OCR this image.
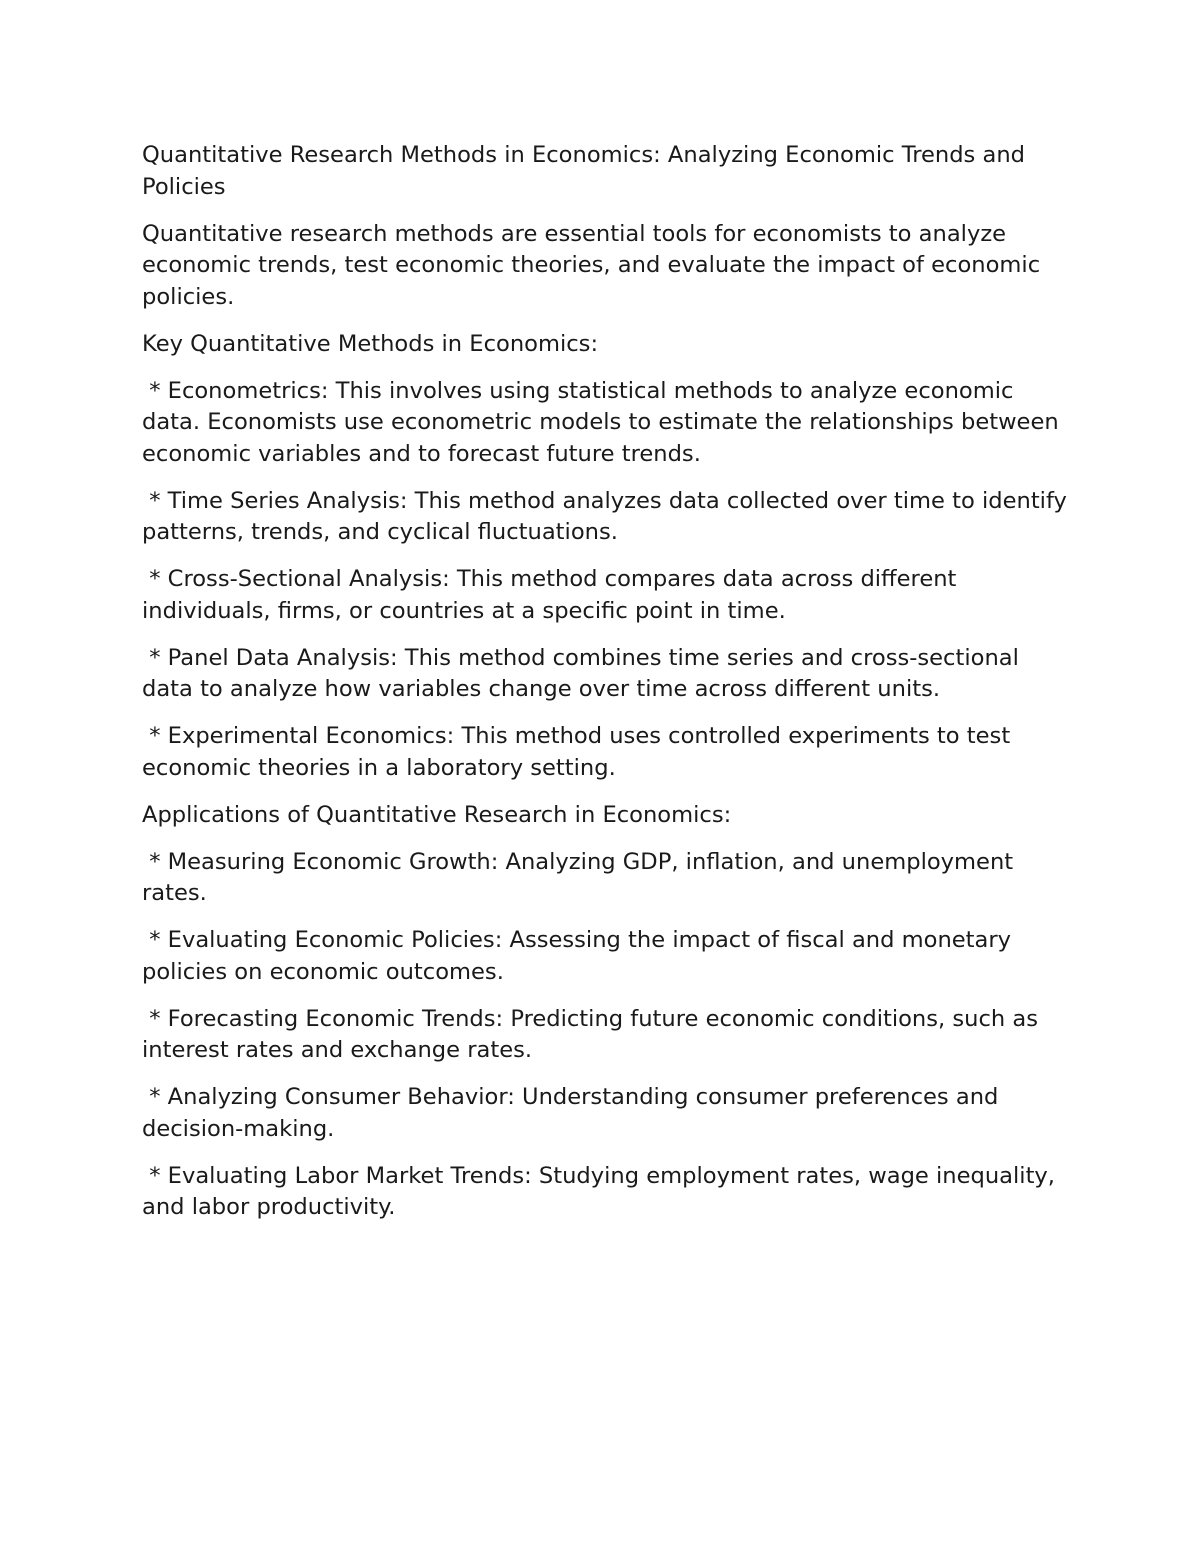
Quantitative Research Methods in Economics: Analyzing Economic Trends and Policies

Quantitative research methods are essential tools for economists to analyze economic trends, test economic theories, and evaluate the impact of economic policies.

Key Quantitative Methods in Economics:

* Econometrics: This involves using statistical methods to analyze economic data. Economists use econometric models to estimate the relationships between economic variables and to forecast future trends.

* Time Series Analysis: This method analyzes data collected over time to identify patterns, trends, and cyclical fluctuations.

* Cross-Sectional Analysis: This method compares data across different individuals, firms, or countries at a specific point in time.

* Panel Data Analysis: This method combines time series and cross-sectional data to analyze how variables change over time across different units.

* Experimental Economics: This method uses controlled experiments to test economic theories in a laboratory setting.

Applications of Quantitative Research in Economics:

* Measuring Economic Growth: Analyzing GDP, inflation, and unemployment rates.

* Evaluating Economic Policies: Assessing the impact of fiscal and monetary policies on economic outcomes.

* Forecasting Economic Trends: Predicting future economic conditions, such as interest rates and exchange rates.

* Analyzing Consumer Behavior: Understanding consumer preferences and decision-making.

* Evaluating Labor Market Trends: Studying employment rates, wage inequality, and labor productivity.
